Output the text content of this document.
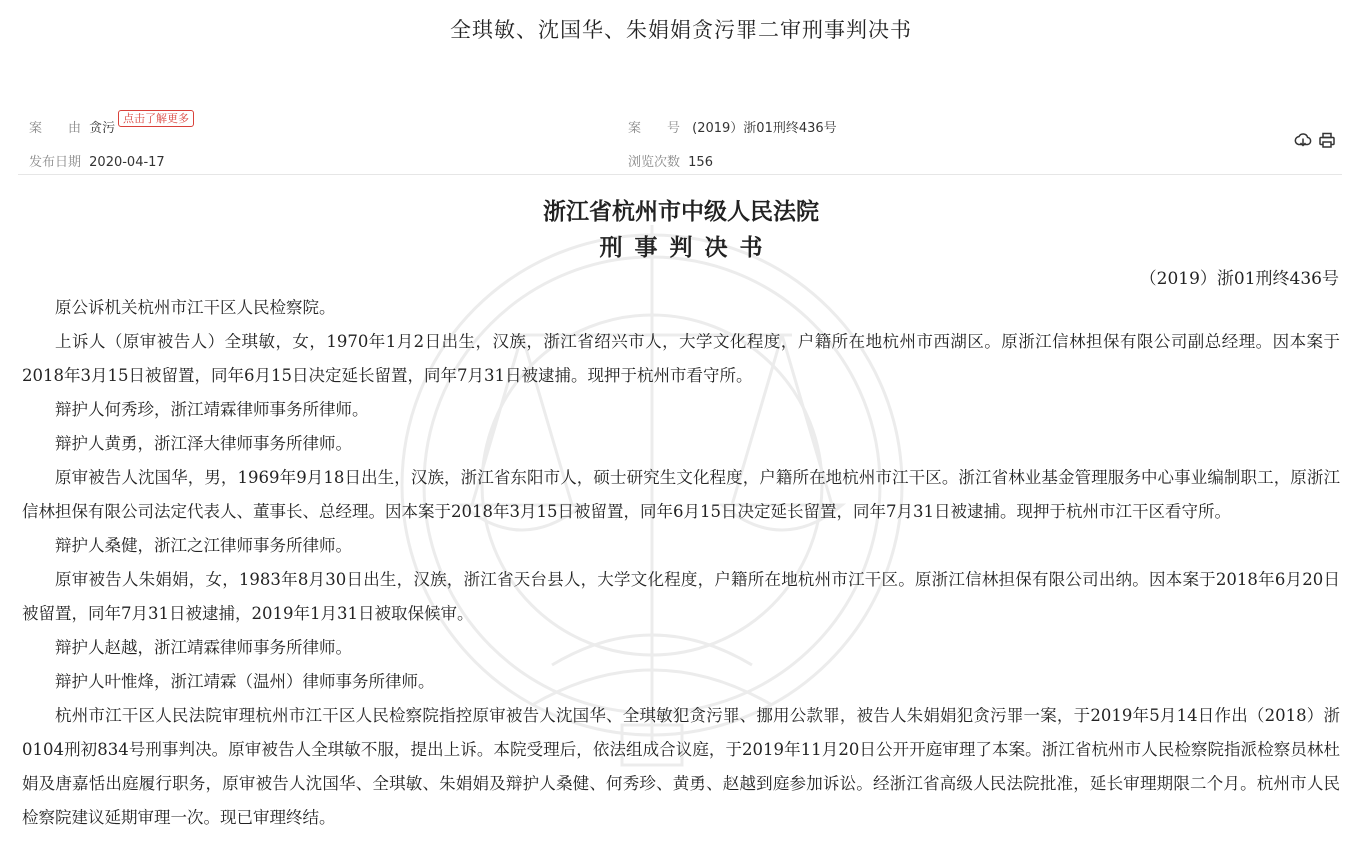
全琪敏、沈国华、朱娟娟贪污罪二审刑事判决书
案　　由 贪污
点击了解更多
案　　号 (2019）浙01刑终436号
发布日期 2020-04-17	浏览次数 156
浙江省杭州市中级人民法院
刑事判决书
（2019）浙01刑终436号

原公诉机关杭州市江干区人民检察院。

上诉人（原审被告人）全琪敏，女，1970年1月2日出生，汉族，浙江省绍兴市人，大学文化程度，户籍所在地杭州市西湖区。原浙江信林担保有限公司副总经理。因本案于2018年3月15日被留置，同年6月15日决定延长留置，同年7月31日被逮捕。现押于杭州市看守所。

辩护人何秀珍，浙江靖霖律师事务所律师。

辩护人黄勇，浙江泽大律师事务所律师。

原审被告人沈国华，男，1969年9月18日出生，汉族，浙江省东阳市人，硕士研究生文化程度，户籍所在地杭州市江干区。浙江省林业基金管理服务中心事业编制职工，原浙江信林担保有限公司法定代表人、董事长、总经理。因本案于2018年3月15日被留置，同年6月15日决定延长留置，同年7月31日被逮捕。现押于杭州市江干区看守所。

辩护人桑健，浙江之江律师事务所律师。

原审被告人朱娟娟，女，1983年8月30日出生，汉族，浙江省天台县人，大学文化程度，户籍所在地杭州市江干区。原浙江信林担保有限公司出纳。因本案于2018年6月20日被留置，同年7月31日被逮捕，2019年1月31日被取保候审。

辩护人赵越，浙江靖霖律师事务所律师。

辩护人叶惟烽，浙江靖霖（温州）律师事务所律师。

杭州市江干区人民法院审理杭州市江干区人民检察院指控原审被告人沈国华、全琪敏犯贪污罪、挪用公款罪，被告人朱娟娟犯贪污罪一案，于2019年5月14日作出（2018）浙0104刑初834号刑事判决。原审被告人全琪敏不服，提出上诉。本院受理后，依法组成合议庭，于2019年11月20日公开开庭审理了本案。浙江省杭州市人民检察院指派检察员林杜娟及唐嘉恬出庭履行职务，原审被告人沈国华、全琪敏、朱娟娟及辩护人桑健、何秀珍、黄勇、赵越到庭参加诉讼。经浙江省高级人民法院批准，延长审理期限二个月。杭州市人民检察院建议延期审理一次。现已审理终结。
